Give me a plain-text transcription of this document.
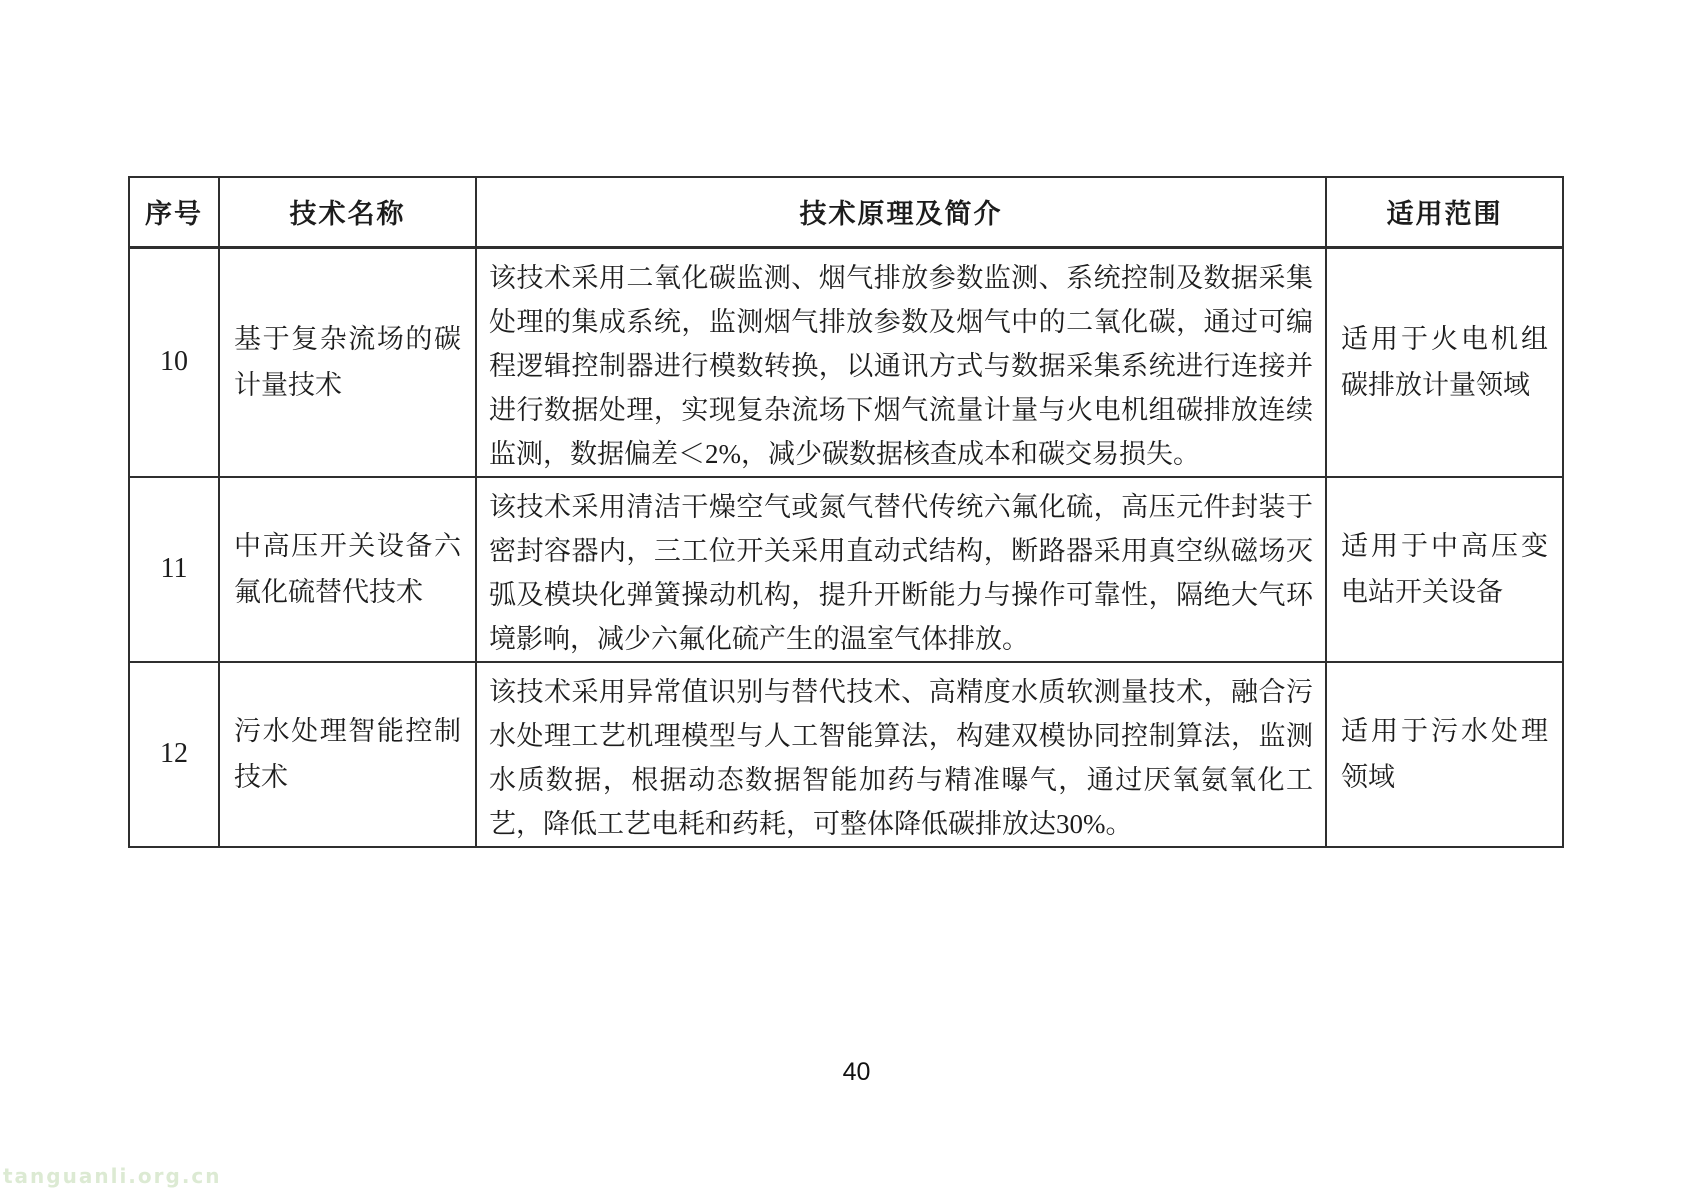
序号	技术名称	技术原理及简介	适用范围
10	基于复杂流场的碳计量技术	该技术采用二氧化碳监测、烟气排放参数监测、系统控制及数据采集处理的集成系统，监测烟气排放参数及烟气中的二氧化碳，通过可编程逻辑控制器进行模数转换，以通讯方式与数据采集系统进行连接并进行数据处理，实现复杂流场下烟气流量计量与火电机组碳排放连续监测，数据偏差＜2%，减少碳数据核查成本和碳交易损失。	适用于火电机组碳排放计量领域
11	中高压开关设备六氟化硫替代技术	该技术采用清洁干燥空气或氮气替代传统六氟化硫，高压元件封装于密封容器内，三工位开关采用直动式结构，断路器采用真空纵磁场灭弧及模块化弹簧操动机构，提升开断能力与操作可靠性，隔绝大气环境影响，减少六氟化硫产生的温室气体排放。	适用于中高压变电站开关设备
12	污水处理智能控制技术	该技术采用异常值识别与替代技术、高精度水质软测量技术，融合污水处理工艺机理模型与人工智能算法，构建双模协同控制算法，监测水质数据，根据动态数据智能加药与精准曝气，通过厌氧氨氧化工艺，降低工艺电耗和药耗，可整体降低碳排放达30%。	适用于污水处理领域
40
tanguanli.org.cn
